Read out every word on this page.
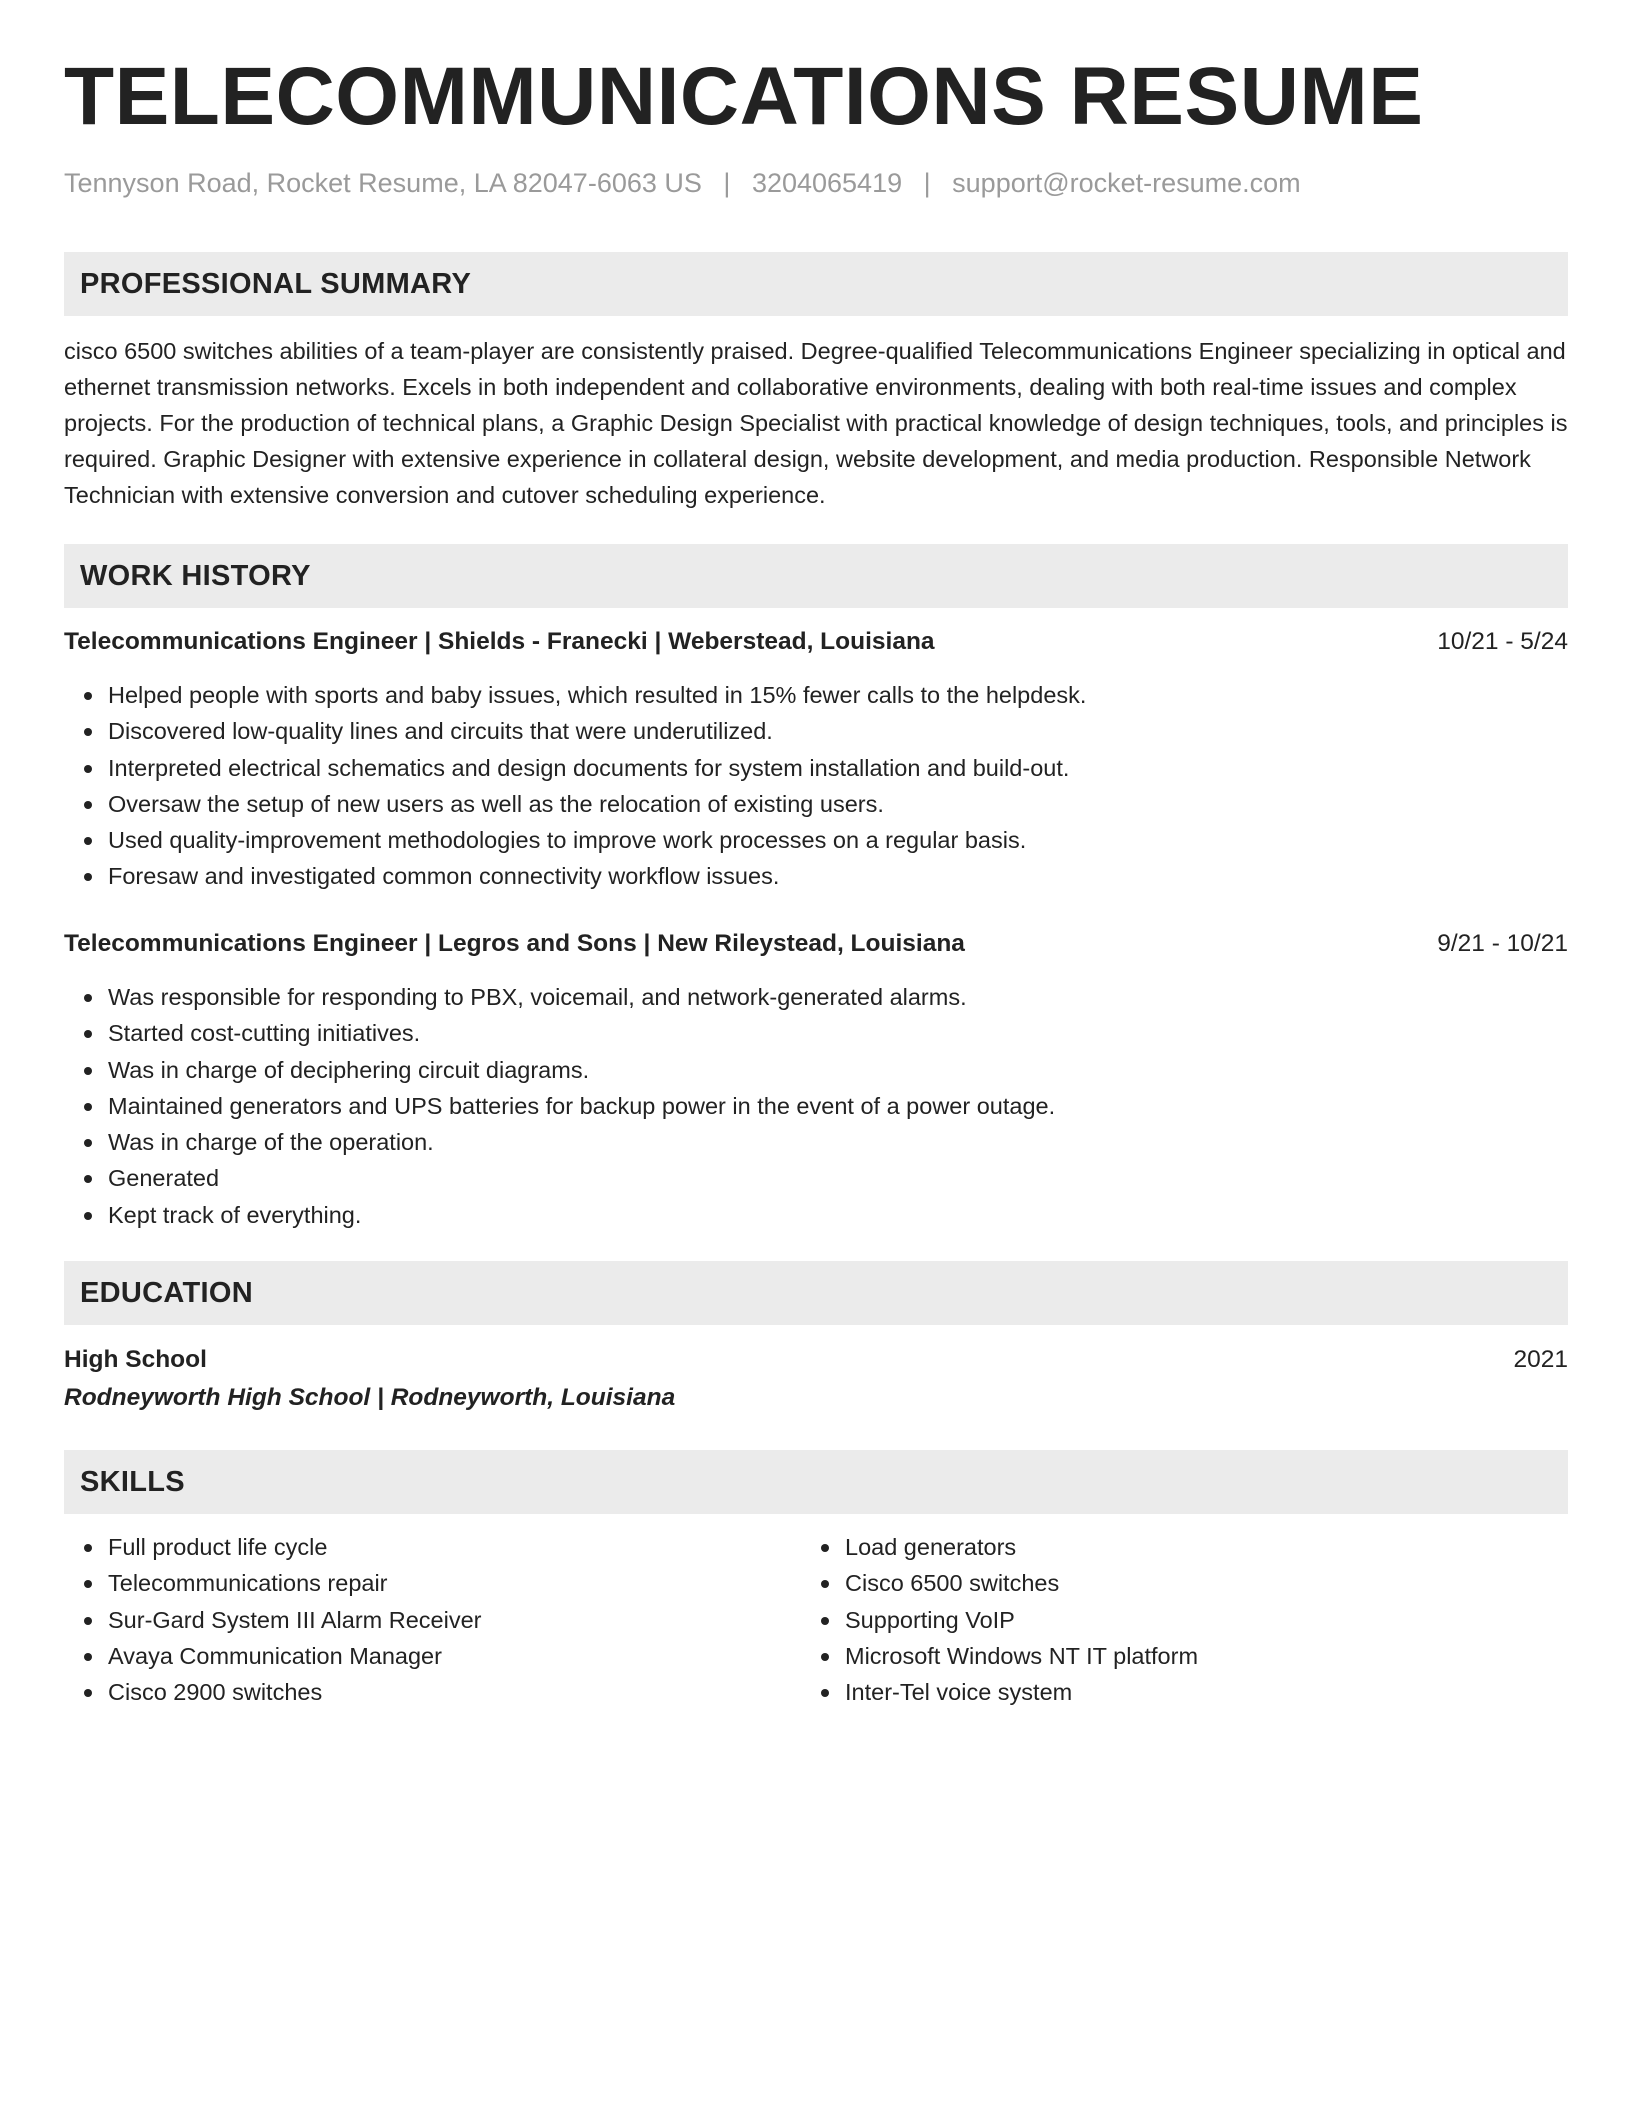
TELECOMMUNICATIONS RESUME
Tennyson Road, Rocket Resume, LA 82047-6063 US | 3204065419 | support@rocket-resume.com
PROFESSIONAL SUMMARY

cisco 6500 switches abilities of a team-player are consistently praised. Degree-qualified Telecommunications Engineer specializing in optical and ethernet transmission networks. Excels in both independent and collaborative environments, dealing with both real-time issues and complex projects. For the production of technical plans, a Graphic Design Specialist with practical knowledge of design techniques, tools, and principles is required. Graphic Designer with extensive experience in collateral design, website development, and media production. Responsible Network Technician with extensive conversion and cutover scheduling experience.

WORK HISTORY
Telecommunications Engineer | Shields - Franecki | Weberstead, Louisiana	10/21 - 5/24
Helped people with sports and baby issues, which resulted in 15% fewer calls to the helpdesk.
Discovered low-quality lines and circuits that were underutilized.
Interpreted electrical schematics and design documents for system installation and build-out.
Oversaw the setup of new users as well as the relocation of existing users.
Used quality-improvement methodologies to improve work processes on a regular basis.
Foresaw and investigated common connectivity workflow issues.
Telecommunications Engineer | Legros and Sons | New Rileystead, Louisiana	9/21 - 10/21
Was responsible for responding to PBX, voicemail, and network-generated alarms.
Started cost-cutting initiatives.
Was in charge of deciphering circuit diagrams.
Maintained generators and UPS batteries for backup power in the event of a power outage.
Was in charge of the operation.
Generated
Kept track of everything.
EDUCATION
High School	2021
Rodneyworth High School | Rodneyworth, Louisiana
SKILLS
Full product life cycle
Telecommunications repair
Sur-Gard System III Alarm Receiver
Avaya Communication Manager
Cisco 2900 switches
Load generators
Cisco 6500 switches
Supporting VoIP
Microsoft Windows NT IT platform
Inter-Tel voice system
